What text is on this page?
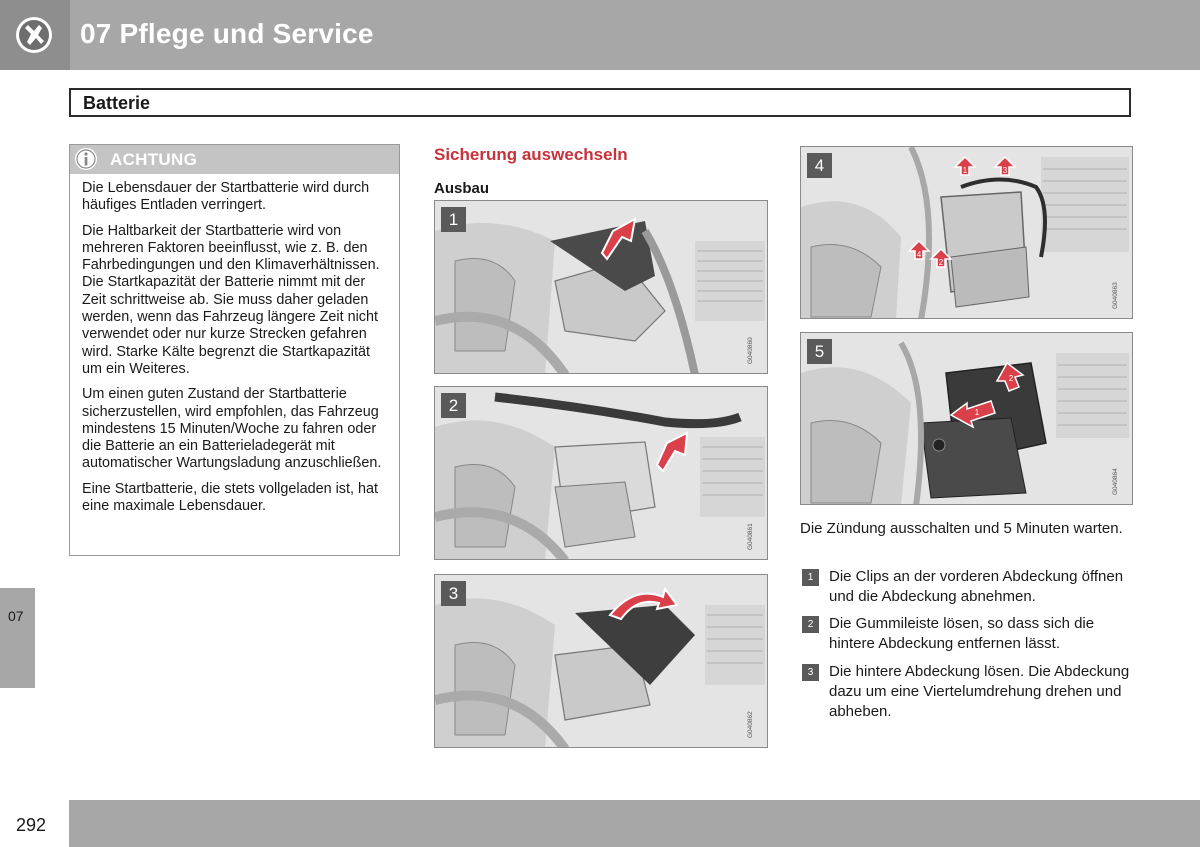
07 Pflege und Service
Batterie
ACHTUNG

Die Lebensdauer der Startbatterie wird durch häufiges Entladen verringert.

Die Haltbarkeit der Startbatterie wird von mehreren Faktoren beeinflusst, wie z. B. den Fahrbedingungen und den Klimaverhältnissen. Die Startkapazität der Batterie nimmt mit der Zeit schrittweise ab. Sie muss daher geladen werden, wenn das Fahrzeug längere Zeit nicht verwendet oder nur kurze Strecken gefahren wird. Starke Kälte begrenzt die Startkapazität um ein Weiteres.

Um einen guten Zustand der Startbatterie sicherzustellen, wird empfohlen, das Fahrzeug mindestens 15 Minuten/Woche zu fahren oder die Batterie an ein Batterieladegerät mit automatischer Wartungsladung anzuschließen.

Eine Startbatterie, die stets vollgeladen ist, hat eine maximale Lebensdauer.

Sicherung auswechseln
Ausbau
1
G040860
2
G040861
3
G040862
1	3
4
2
4
G040863
2
1
5
G040864
Die Zündung ausschalten und 5 Minuten warten.
1	Die Clips an der vorderen Abdeckung öffnen und die Abdeckung abnehmen.
2	Die Gummileiste lösen, so dass sich die hintere Abdeckung entfernen lässt.
3	Die hintere Abdeckung lösen. Die Abdeckung dazu um eine Viertelumdrehung drehen und abheben.
07
292
